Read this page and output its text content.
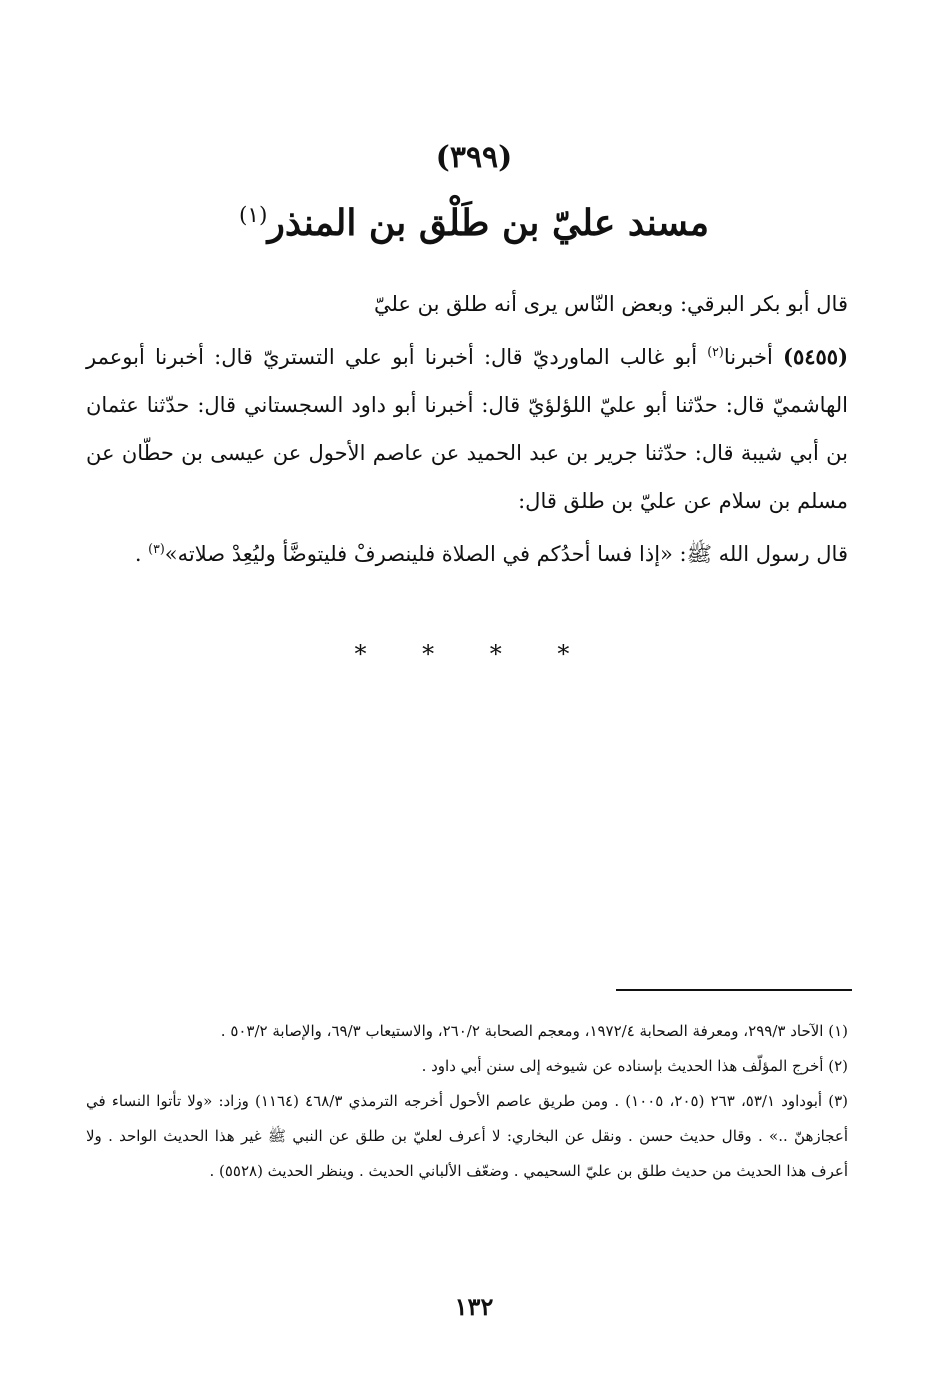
(٣٩٩)
مسند عليّ بن طَلْق بن المنذر$^{(١)}$

قال أبو بكر البرقي: وبعض النّاس يرى أنه طلق بن عليّ

(٥٤٥٥) أخبرنا$^{(٢)}$ أبو غالب الماورديّ قال: أخبرنا أبو علي التستريّ قال: أخبرنا أبوعمر الهاشميّ قال: حدّثنا أبو عليّ اللؤلؤيّ قال: أخبرنا أبو داود السجستاني قال: حدّثنا عثمان بن أبي شيبة قال: حدّثنا جرير بن عبد الحميد عن عاصم الأحول عن عيسى بن حطّان عن مسلم بن سلام عن عليّ بن طلق قال:

قال رسول الله ﷺ: «إذا فسا أحدُكم في الصلاة فلينصرفْ فليتوضَّأ وليُعِدْ صلاته»$^{(٣)}$ .

* * * *

(١) الآحاد ٢٩٩/٣، ومعرفة الصحابة ١٩٧٢/٤، ومعجم الصحابة ٢٦٠/٢، والاستيعاب ٦٩/٣، والإصابة ٥٠٣/٢ .

(٢) أخرج المؤلّف هذا الحديث بإسناده عن شيوخه إلى سنن أبي داود .

(٣) أبوداود ٥٣/١، ٢٦٣ (٢٠٥، ١٠٠٥) . ومن طريق عاصم الأحول أخرجه الترمذي ٤٦٨/٣ (١١٦٤) وزاد: «ولا تأتوا النساء في أعجازهنّ ..» . وقال حديث حسن . ونقل عن البخاري: لا أعرف لعليّ بن طلق عن النبي ﷺ غير هذا الحديث الواحد . ولا أعرف هذا الحديث من حديث طلق بن عليّ السحيمي . وضعّف الألباني الحديث . وينظر الحديث (٥٥٢٨) .

١٣٢
